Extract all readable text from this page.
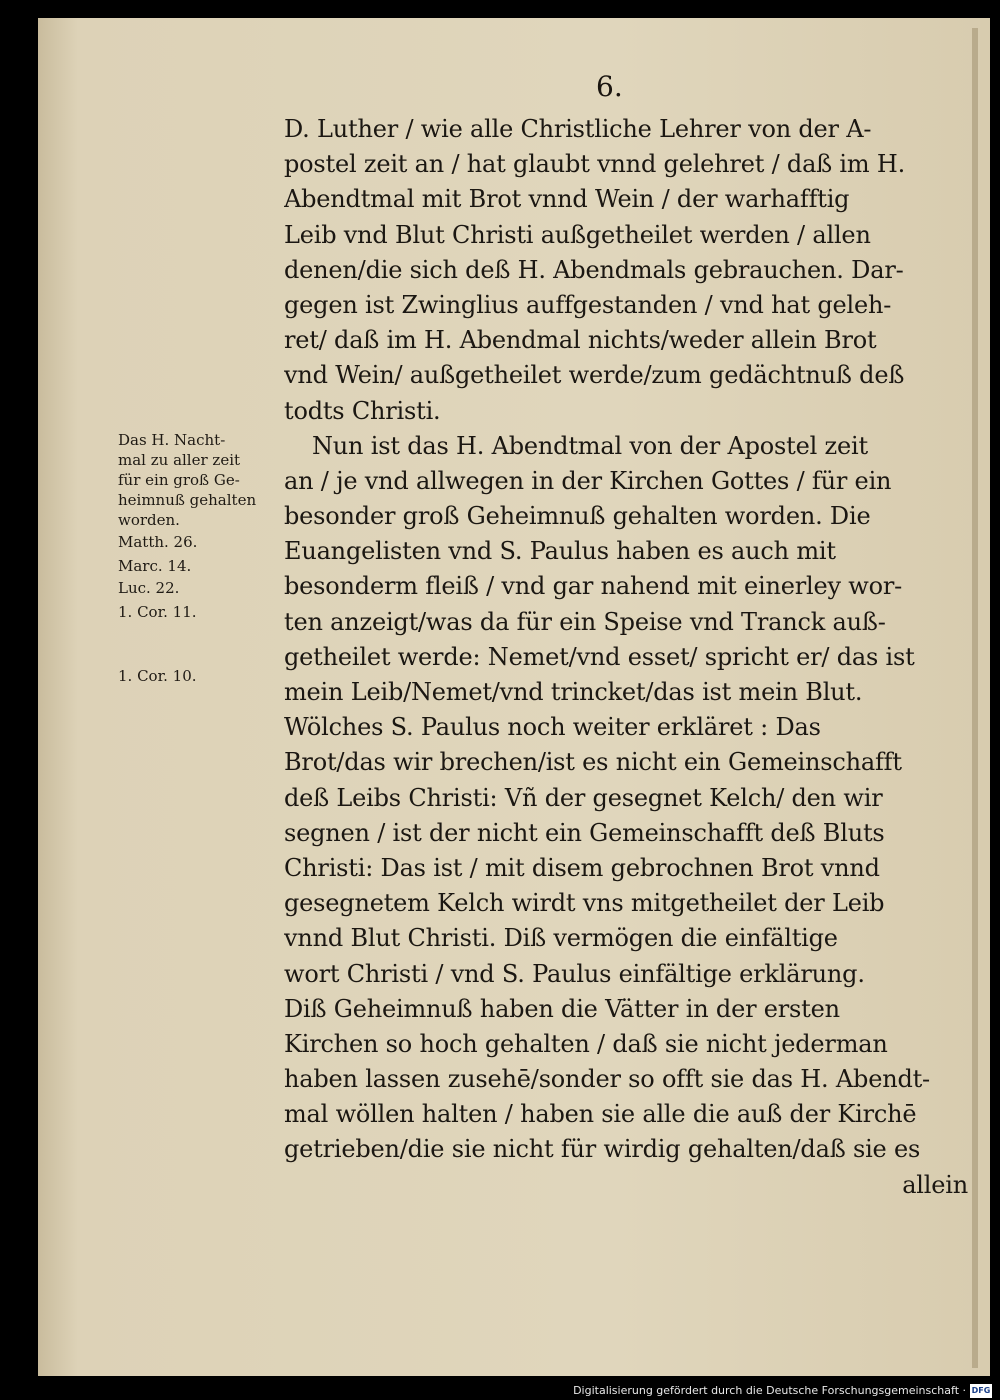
6.
D. Luther / wie alle Christliche Lehrer von der A-
postel zeit an / hat glaubt vnnd gelehret / daß im H.
Abendtmal mit Brot vnnd Wein / der warhafftig
Leib vnd Blut Christi außgetheilet werden / allen
denen/die sich deß H. Abendmals gebrauchen. Dar-
gegen ist Zwinglius auffgestanden / vnd hat geleh-
ret/ daß im H. Abendmal nichts/weder allein Brot
vnd Wein/ außgetheilet werde/zum gedächtnuß deß
todts Christi.
Nun ist das H. Abendtmal von der Apostel zeit
an / je vnd allwegen in der Kirchen Gottes / für ein
besonder groß Geheimnuß gehalten worden. Die
Euangelisten vnd S. Paulus haben es auch mit
besonderm fleiß / vnd gar nahend mit einerley wor-
ten anzeigt/was da für ein Speise vnd Tranck auß-
getheilet werde: Nemet/vnd esset/ spricht er/ das ist
mein Leib/Nemet/vnd trincket/das ist mein Blut.
Wölches S. Paulus noch weiter erkläret : Das
Brot/das wir brechen/ist es nicht ein Gemeinschafft
deß Leibs Christi: Vñ der gesegnet Kelch/ den wir
segnen / ist der nicht ein Gemeinschafft deß Bluts
Christi: Das ist / mit disem gebrochnen Brot vnnd
gesegnetem Kelch wirdt vns mitgetheilet der Leib
vnnd Blut Christi. Diß vermögen die einfältige
wort Christi / vnd S. Paulus einfältige erklärung.
Diß Geheimnuß haben die Vätter in der ersten
Kirchen so hoch gehalten / daß sie nicht jederman
haben lassen zusehē/sonder so offt sie das H. Abendt-
mal wöllen halten / haben sie alle die auß der Kirchē
getrieben/die sie nicht für wirdig gehalten/daß sie es
allein
Das H. Nacht-
mal zu aller zeit
für ein groß Ge-
heimnuß gehalten
worden.
Matth. 26.
Marc. 14.
Luc. 22.
1. Cor. 11.
1. Cor. 10.
Digitalisierung gefördert durch die Deutsche Forschungsgemeinschaft · DFG
